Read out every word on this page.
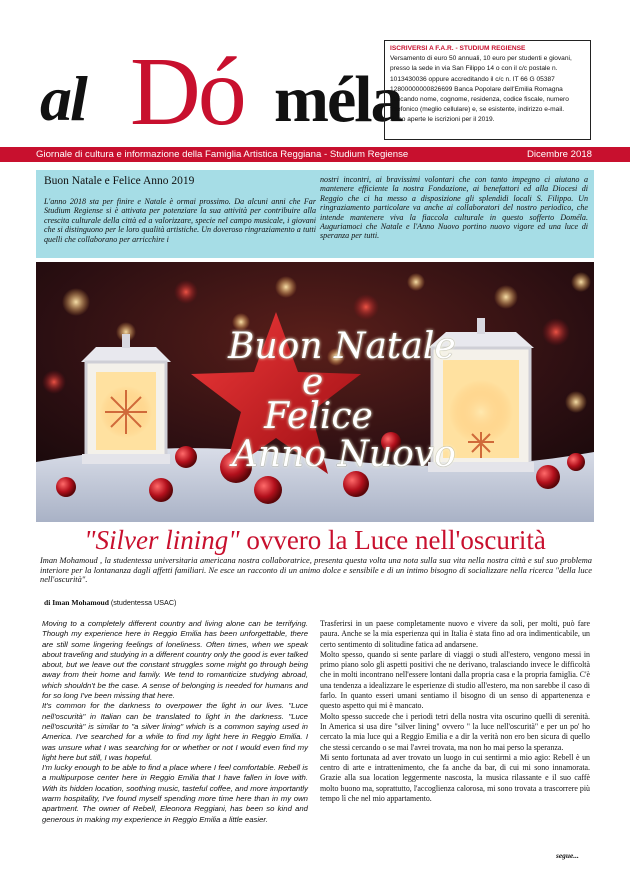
al Dó méla
ISCRIVERSI A F.A.R. - STUDIUM REGIENSE
Versamento di euro 50 annuali, 10 euro per studenti e giovani,
presso la sede in via San Filippo 14 o con il c/c postale n.
1013430036 oppure accreditando il c/c n. IT 66 G 05387
12800000000826699 Banca Popolare dell'Emilia Romagna
indicando nome, cognome, residenza, codice fiscale, numero
telefonico (meglio cellulare) e, se esistente, indirizzo e-mail.
Sono aperte le iscrizioni per il 2019.
Giornale di cultura e informazione della Famiglia Artistica Reggiana - Studium Regiense	Dicembre 2018
Buon Natale e Felice Anno 2019
L'anno 2018 sta per finire e Natale è ormai prossimo. Da alcuni anni che Far Studium Regiense si è attivata per potenziare la sua attività per contribuire alla crescita culturale della città ed a valorizzare, specie nel campo musicale, i giovani che si distinguono per le loro qualità artistiche. Un doveroso ringraziamento a tutti quelli che collaborano per arricchire i
nostri incontri, ai bravissimi volontari che con tanto impegno ci aiutano a mantenere efficiente la nostra Fondazione, ai benefattori ed alla Diocesi di Reggio che ci ha messo a disposizione gli splendidi locali S. Filippo. Un ringraziamento particolare va anche ai collaboratori del nostro periodico, che intende mantenere viva la fiaccola culturale in questo sofferto Doméla. Auguriamoci che Natale e l'Anno Nuovo portino nuovo vigore ed una luce di speranza per tutti.
Buon Natale
e
Felice
Anno Nuovo
"Silver lining" ovvero la Luce nell'oscurità
Iman Mohamoud , la studentessa universitaria americana nostra collaboratrice, presenta questa volta una nota sulla sua vita nella nostra città e sul suo problema interiore per la lontananza dagli affetti familiari. Ne esce un racconto di un animo dolce e sensibile e di un intimo bisogno di socializzare nella ricerca "della luce nell'oscurità".
di Iman Mohamoud (studentessa USAC)

Moving to a completely different country and living alone can be terrifying. Though my experience here in Reggio Emilia has been unforgettable, there are still some lingering feelings of loneliness. Often times, when we speak about traveling and studying in a different country only the good is ever talked about, but we leave out the constant struggles some might go through being away from their home and family. We tend to romanticize studying abroad, which shouldn't be the case. A sense of belonging is needed for humans and for so long I've been missing that here.

It's common for the darkness to overpower the light in our lives. "Luce nell'oscurità" in Italian can be translated to light in the darkness. "Luce nell'oscurità" is similar to "a silver lining" which is a common saying used in America. I've searched for a while to find my light here in Reggio Emilia. I was unsure what I was searching for or whether or not I would even find my light here but still, I was hopeful.

I'm lucky enough to be able to find a place where I feel comfortable. Rebell is a multipurpose center here in Reggio Emilia that I have fallen in love with. With its hidden location, soothing music, tasteful coffee, and more importantly warm hospitality, I've found myself spending more time here than in my own apartment. The owner of Rebell, Eleonora Reggiani, has been so kind and generous in making my experience in Reggio Emilia a little easier.

Trasferirsi in un paese completamente nuovo e vivere da soli, per molti, può fare paura. Anche se la mia esperienza qui in Italia è stata fino ad ora indimenticabile, un certo sentimento di solitudine fatica ad andarsene.

Molto spesso, quando si sente parlare di viaggi o studi all'estero, vengono messi in primo piano solo gli aspetti positivi che ne derivano, tralasciando invece le difficoltà che in molti incontrano nell'essere lontani dalla propria casa e la propria famiglia. C'è una tendenza a idealizzare le esperienze di studio all'estero, ma non sarebbe il caso di farlo. In quanto esseri umani sentiamo il bisogno di un senso di appartenenza e questo aspetto qui mi è mancato.

Molto spesso succede che i periodi tetri della nostra vita oscurino quelli di serenità. In America si usa dire "silver lining" ovvero " la luce nell'oscurità" e per un po' ho cercato la mia luce qui a Reggio Emilia e a dir la verità non ero ben sicura di quello che stessi cercando o se mai l'avrei trovata, ma non ho mai perso la speranza.

Mi sento fortunata ad aver trovato un luogo in cui sentirmi a mio agio: Rebell è un centro di arte e intrattenimento, che fa anche da bar, di cui mi sono innamorata. Grazie alla sua location leggermente nascosta, la musica rilassante e il suo caffè molto buono ma, soprattutto, l'accoglienza calorosa, mi sono trovata a trascorrere più tempo lì che nel mio appartamento.

segue...
